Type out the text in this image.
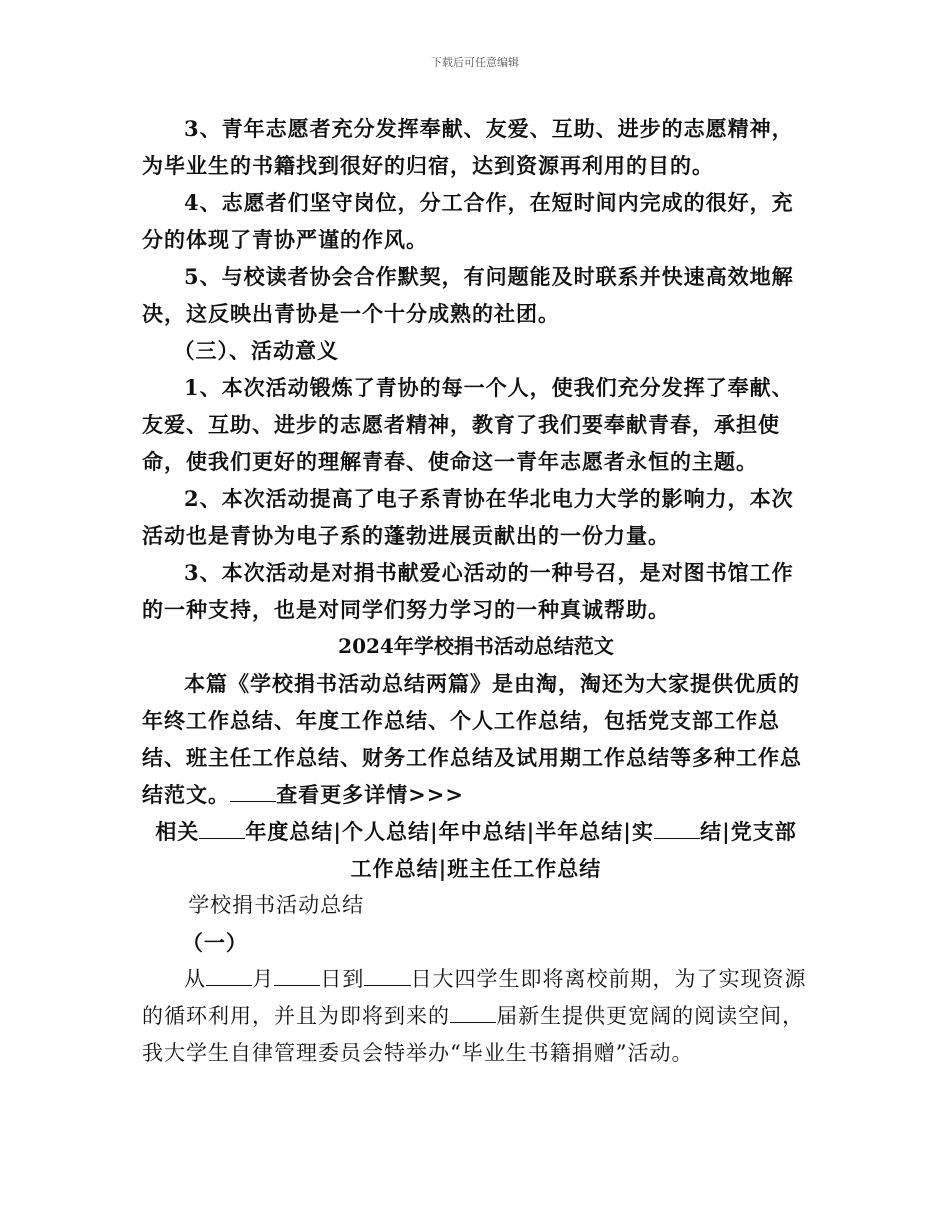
下载后可任意编辑

3、青年志愿者充分发挥奉献、友爱、互助、进步的志愿精神，为毕业生的书籍找到很好的归宿，达到资源再利用的目的。

4、志愿者们坚守岗位，分工合作，在短时间内完成的很好，充分的体现了青协严谨的作风。

5、与校读者协会合作默契，有问题能及时联系并快速高效地解决，这反映出青协是一个十分成熟的社团。

（三）、活动意义

1、本次活动锻炼了青协的每一个人，使我们充分发挥了奉献、友爱、互助、进步的志愿者精神，教育了我们要奉献青春，承担使命，使我们更好的理解青春、使命这一青年志愿者永恒的主题。

2、本次活动提高了电子系青协在华北电力大学的影响力，本次活动也是青协为电子系的蓬勃进展贡献出的一份力量。

3、本次活动是对捐书献爱心活动的一种号召，是对图书馆工作的一种支持，也是对同学们努力学习的一种真诚帮助。

2024年学校捐书活动总结范文

本篇《学校捐书活动总结两篇》是由淘，淘还为大家提供优质的年终工作总结、年度工作总结、个人工作总结，包括党支部工作总结、班主任工作总结、财务工作总结及试用期工作总结等多种工作总结范文。 查看更多详情>>>

相关 年度总结|个人总结|年中总结|半年总结|实 结|党支部
工作总结|班主任工作总结

学校捐书活动总结

（一）

从 月 日到 日大四学生即将离校前期，为了实现资源的循环利用，并且为即将到来的 届新生提供更宽阔的阅读空间，我大学生自律管理委员会特举办“毕业生书籍捐赠”活动。
